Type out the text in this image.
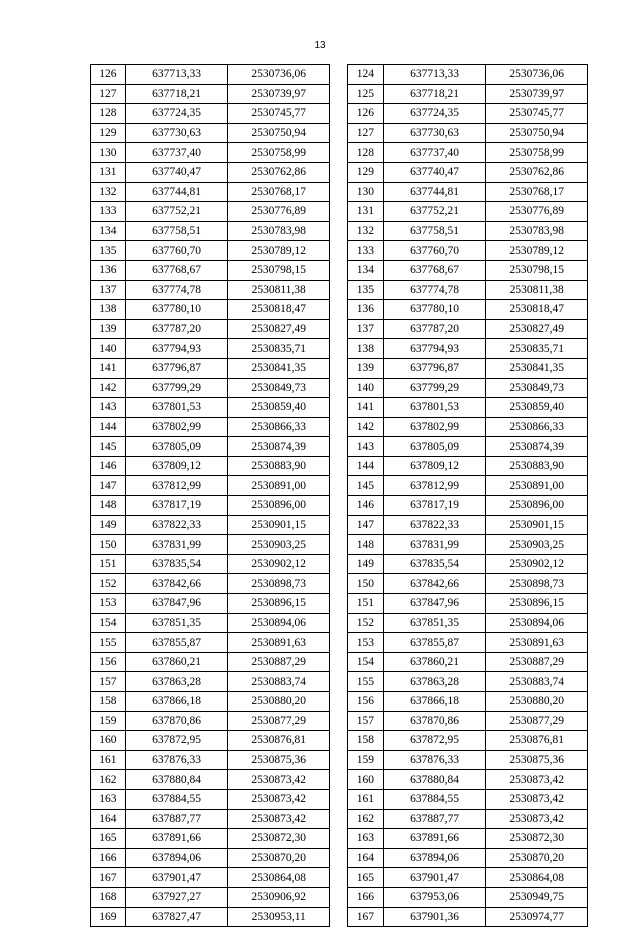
13
126	637713,33	2530736,06
127	637718,21	2530739,97
128	637724,35	2530745,77
129	637730,63	2530750,94
130	637737,40	2530758,99
131	637740,47	2530762,86
132	637744,81	2530768,17
133	637752,21	2530776,89
134	637758,51	2530783,98
135	637760,70	2530789,12
136	637768,67	2530798,15
137	637774,78	2530811,38
138	637780,10	2530818,47
139	637787,20	2530827,49
140	637794,93	2530835,71
141	637796,87	2530841,35
142	637799,29	2530849,73
143	637801,53	2530859,40
144	637802,99	2530866,33
145	637805,09	2530874,39
146	637809,12	2530883,90
147	637812,99	2530891,00
148	637817,19	2530896,00
149	637822,33	2530901,15
150	637831,99	2530903,25
151	637835,54	2530902,12
152	637842,66	2530898,73
153	637847,96	2530896,15
154	637851,35	2530894,06
155	637855,87	2530891,63
156	637860,21	2530887,29
157	637863,28	2530883,74
158	637866,18	2530880,20
159	637870,86	2530877,29
160	637872,95	2530876,81
161	637876,33	2530875,36
162	637880,84	2530873,42
163	637884,55	2530873,42
164	637887,77	2530873,42
165	637891,66	2530872,30
166	637894,06	2530870,20
167	637901,47	2530864,08
168	637927,27	2530906,92
169	637827,47	2530953,11
124	637713,33	2530736,06
125	637718,21	2530739,97
126	637724,35	2530745,77
127	637730,63	2530750,94
128	637737,40	2530758,99
129	637740,47	2530762,86
130	637744,81	2530768,17
131	637752,21	2530776,89
132	637758,51	2530783,98
133	637760,70	2530789,12
134	637768,67	2530798,15
135	637774,78	2530811,38
136	637780,10	2530818,47
137	637787,20	2530827,49
138	637794,93	2530835,71
139	637796,87	2530841,35
140	637799,29	2530849,73
141	637801,53	2530859,40
142	637802,99	2530866,33
143	637805,09	2530874,39
144	637809,12	2530883,90
145	637812,99	2530891,00
146	637817,19	2530896,00
147	637822,33	2530901,15
148	637831,99	2530903,25
149	637835,54	2530902,12
150	637842,66	2530898,73
151	637847,96	2530896,15
152	637851,35	2530894,06
153	637855,87	2530891,63
154	637860,21	2530887,29
155	637863,28	2530883,74
156	637866,18	2530880,20
157	637870,86	2530877,29
158	637872,95	2530876,81
159	637876,33	2530875,36
160	637880,84	2530873,42
161	637884,55	2530873,42
162	637887,77	2530873,42
163	637891,66	2530872,30
164	637894,06	2530870,20
165	637901,47	2530864,08
166	637953,06	2530949,75
167	637901,36	2530974,77
